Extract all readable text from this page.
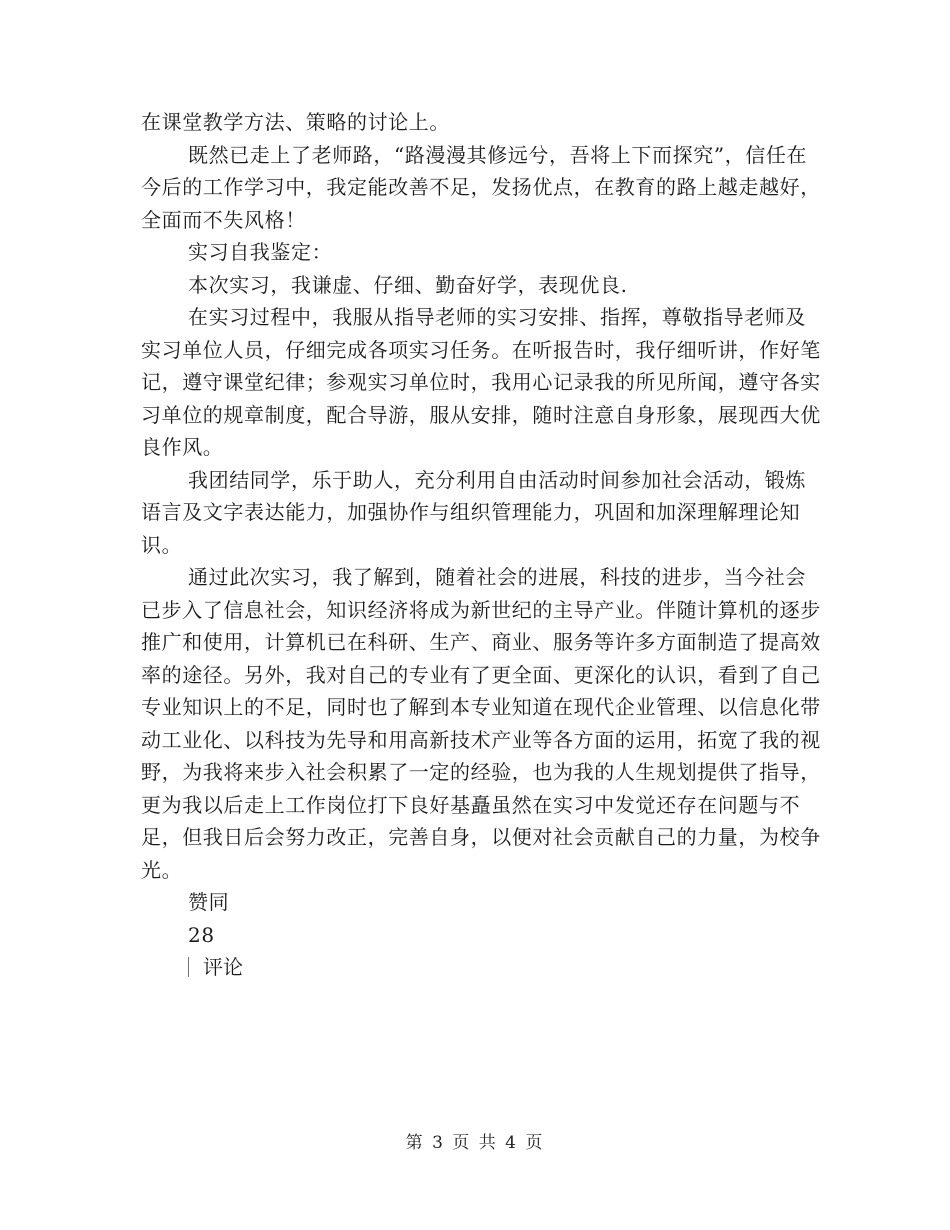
在课堂教学方法、策略的讨论上。

既然已走上了老师路，“路漫漫其修远兮，吾将上下而探究”，信任在今后的工作学习中，我定能改善不足，发扬优点，在教育的路上越走越好，全面而不失风格！

实习自我鉴定：

本次实习，我谦虚、仔细、勤奋好学，表现优良.

在实习过程中，我服从指导老师的实习安排、指挥，尊敬指导老师及实习单位人员，仔细完成各项实习任务。在听报告时，我仔细听讲，作好笔记，遵守课堂纪律；参观实习单位时，我用心记录我的所见所闻，遵守各实习单位的规章制度，配合导游，服从安排，随时注意自身形象，展现西大优良作风。

我团结同学，乐于助人，充分利用自由活动时间参加社会活动，锻炼语言及文字表达能力，加强协作与组织管理能力，巩固和加深理解理论知识。

通过此次实习，我了解到，随着社会的进展，科技的进步，当今社会已步入了信息社会，知识经济将成为新世纪的主导产业。伴随计算机的逐步推广和使用，计算机已在科研、生产、商业、服务等许多方面制造了提高效率的途径。另外，我对自己的专业有了更全面、更深化的认识，看到了自己专业知识上的不足，同时也了解到本专业知道在现代企业管理、以信息化带动工业化、以科技为先导和用高新技术产业等各方面的运用，拓宽了我的视野，为我将来步入社会积累了一定的经验，也为我的人生规划提供了指导，更为我以后走上工作岗位打下良好基矗虽然在实习中发觉还存在问题与不足，但我日后会努力改正，完善自身，以便对社会贡献自己的力量，为校争光。

赞同

28

评论

第 3 页 共 4 页
